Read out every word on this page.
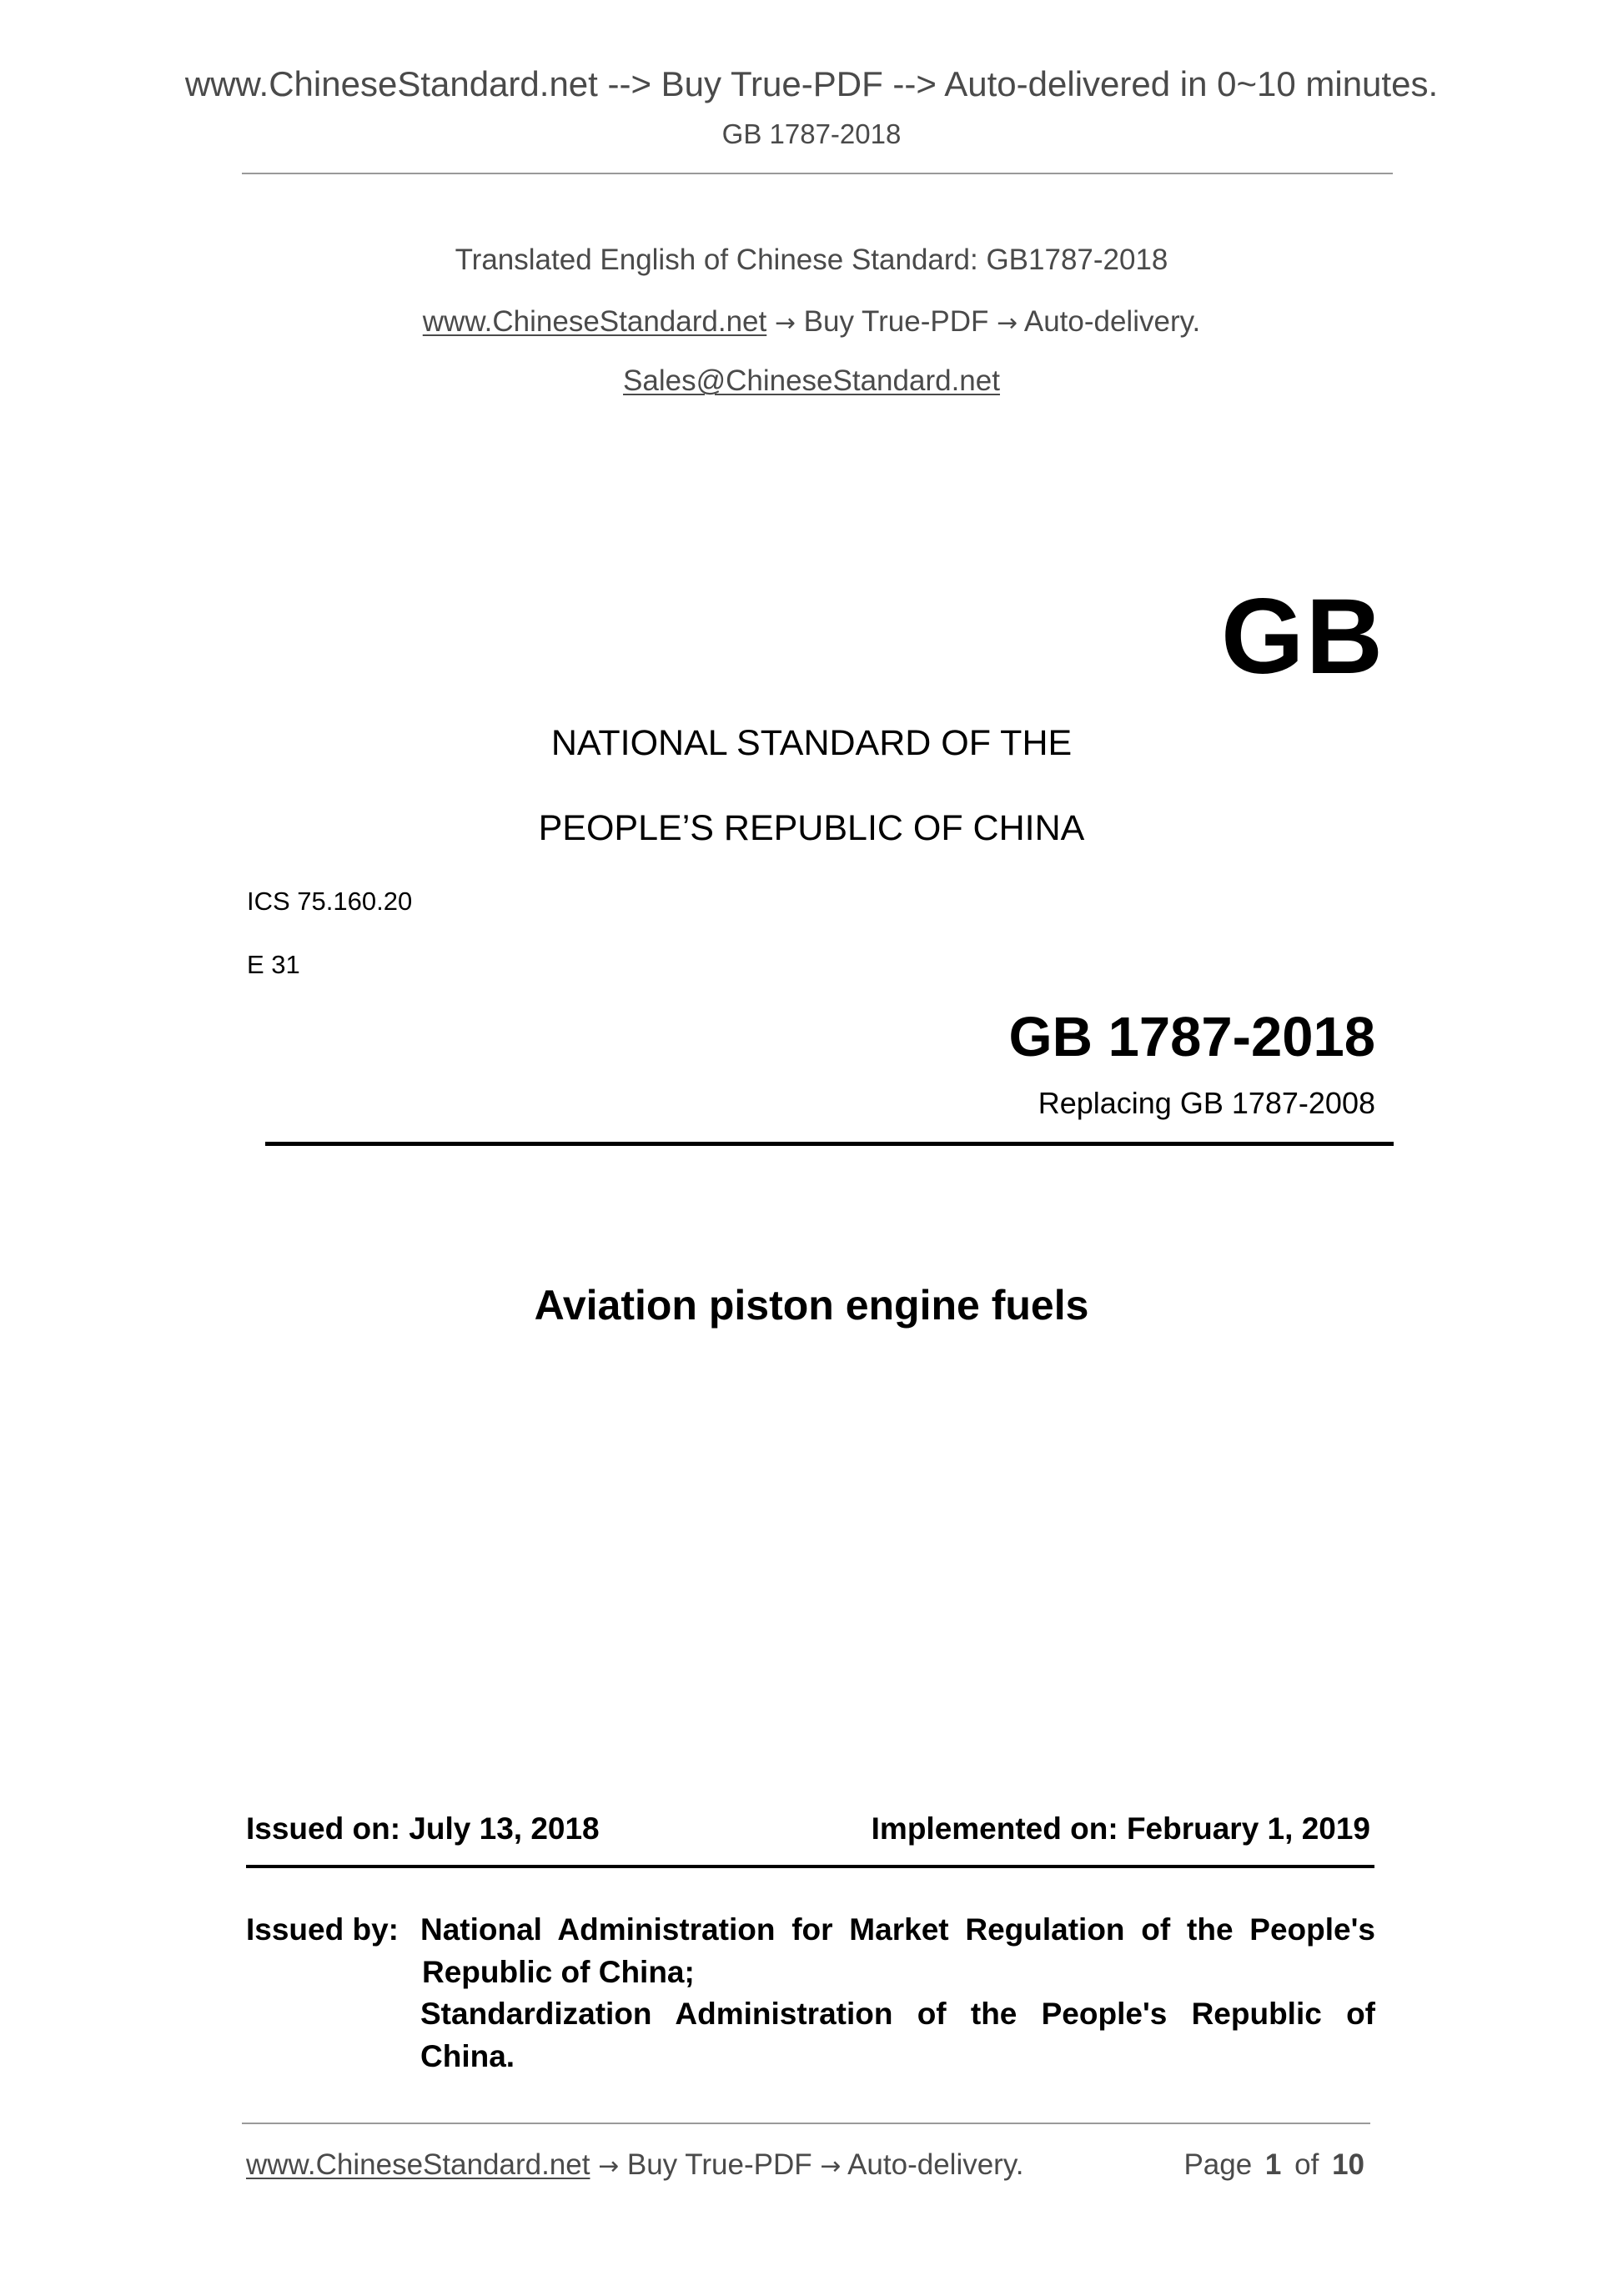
www.ChineseStandard.net --> Buy True-PDF --> Auto-delivered in 0~10 minutes.
GB 1787-2018
Translated English of Chinese Standard: GB1787-2018
www.ChineseStandard.net → Buy True-PDF → Auto-delivery.
Sales@ChineseStandard.net
GB
NATIONAL STANDARD OF THE
PEOPLE’S REPUBLIC OF CHINA
ICS 75.160.20
E 31
GB 1787-2018
Replacing GB 1787-2008
Aviation piston engine fuels
Issued on: July 13, 2018	Implemented on: February 1, 2019
Issued by: National Administration for Market Regulation of the People's
Republic of China;
Standardization Administration of the People's Republic of
China.
www.ChineseStandard.net → Buy True-PDF → Auto-delivery.	Page 1 of 10
